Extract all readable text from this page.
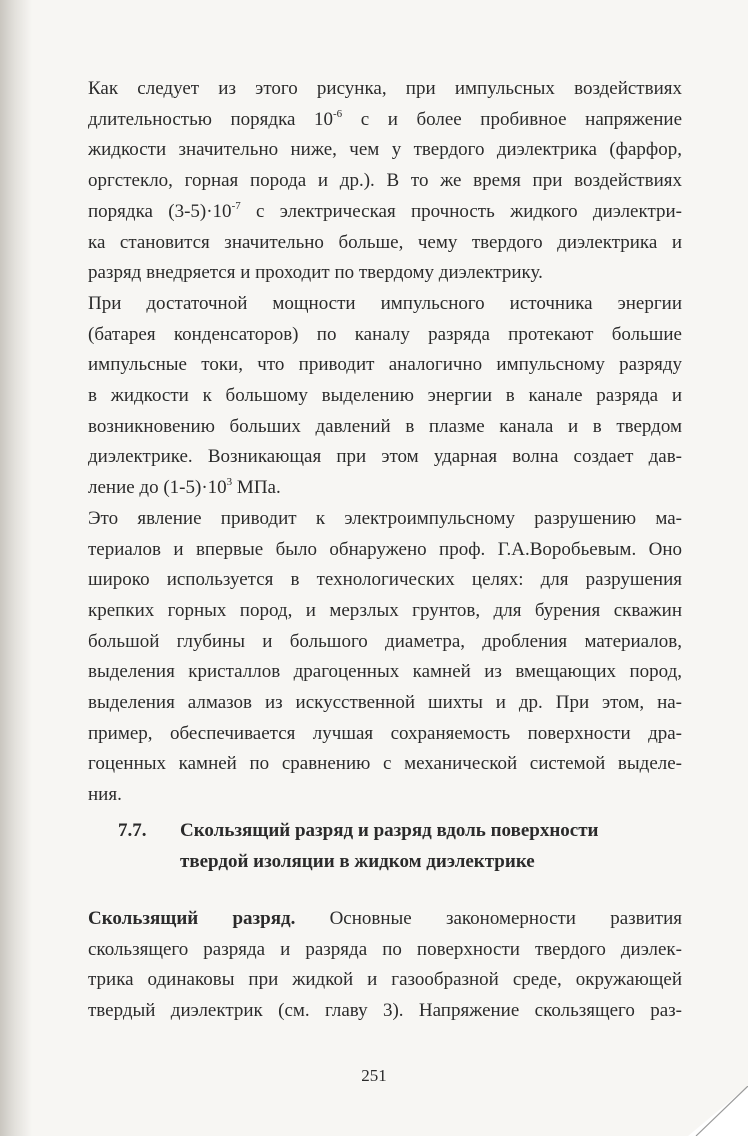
Как следует из этого рисунка, при импульсных воздействиях
длительностью порядка $10^{-6}$ с и более пробивное напряжение
жидкости значительно ниже, чем у твердого диэлектрика (фарфор,
оргстекло, горная порода и др.). В то же время при воздействиях
порядка $(3-5)\cdot 10^{-7}$ с электрическая прочность жидкого диэлектри-
ка становится значительно больше, чему твердого диэлектрика и
разряд внедряется и проходит по твердому диэлектрику.
При достаточной мощности импульсного источника энергии
(батарея конденсаторов) по каналу разряда протекают большие
импульсные токи, что приводит аналогично импульсному разряду
в жидкости к большому выделению энергии в канале разряда и
возникновению больших давлений в плазме канала и в твердом
диэлектрике. Возникающая при этом ударная волна создает дав-
ление до $(1-5)\cdot 10^3$ МПа.
Это явление приводит к электроимпульсному разрушению ма-
териалов и впервые было обнаружено проф. Г.А.Воробьевым. Оно
широко используется в технологических целях: для разрушения
крепких горных пород, и мерзлых грунтов, для бурения скважин
большой глубины и большого диаметра, дробления материалов,
выделения кристаллов драгоценных камней из вмещающих пород,
выделения алмазов из искусственной шихты и др. При этом, на-
пример, обеспечивается лучшая сохраняемость поверхности дра-
гоценных камней по сравнению с механической системой выделе-
ния.
7.7. Скользящий разряд и разряд вдоль поверхности
твердой изоляции в жидком диэлектрике
Скользящий разряд. Основные закономерности развития
скользящего разряда и разряда по поверхности твердого диэлек-
трика одинаковы при жидкой и газообразной среде, окружающей
твердый диэлектрик (см. главу 3). Напряжение скользящего раз-
251
